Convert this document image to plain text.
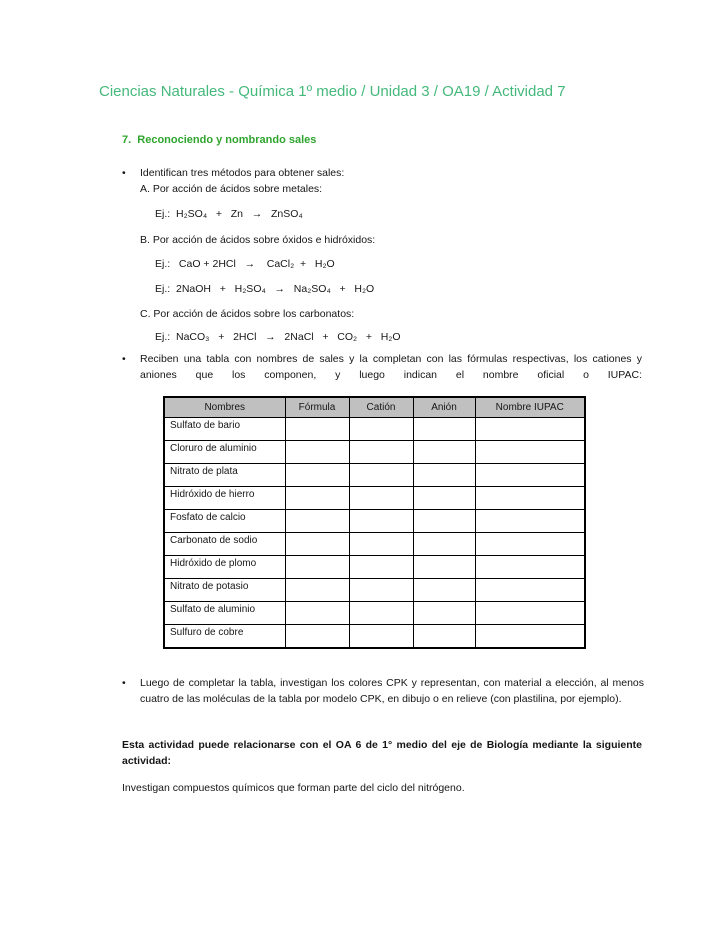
Ciencias Naturales - Química 1º medio / Unidad 3 / OA19 / Actividad 7
7.  Reconociendo y nombrando sales
•	Identifican tres métodos para obtener sales:
A. Por acción de ácidos sobre metales:
Ej.:  H₂SO₄   +   Zn   →   ZnSO₄
B. Por acción de ácidos sobre óxidos e hidróxidos:
Ej.:   CaO + 2HCl   →    CaCl₂  +   H₂O
Ej.:  2NaOH   +   H₂SO₄   →   Na₂SO₄   +   H₂O
C. Por acción de ácidos sobre los carbonatos:
Ej.:  NaCO₃   +   2HCl   →   2NaCl   +   CO₂   +   H₂O
•	Reciben una tabla con nombres de sales y la completan con las fórmulas respectivas, los cationes y aniones que los componen, y luego indican el nombre oficial o IUPAC:
Nombres	Fórmula	Catión	Anión	Nombre IUPAC
Sulfato de bario				
Cloruro de aluminio				
Nitrato de plata				
Hidróxido de hierro				
Fosfato de calcio				
Carbonato de sodio				
Hidróxido de plomo				
Nitrato de potasio				
Sulfato de aluminio				
Sulfuro de cobre				
•	Luego de completar la tabla, investigan los colores CPK y representan, con material a elección, al menos cuatro de las moléculas de la tabla por modelo CPK, en dibujo o en relieve (con plastilina, por ejemplo).
Esta actividad puede relacionarse con el OA 6 de 1° medio del eje de Biología mediante la siguiente actividad:
Investigan compuestos químicos que forman parte del ciclo del nitrógeno.
